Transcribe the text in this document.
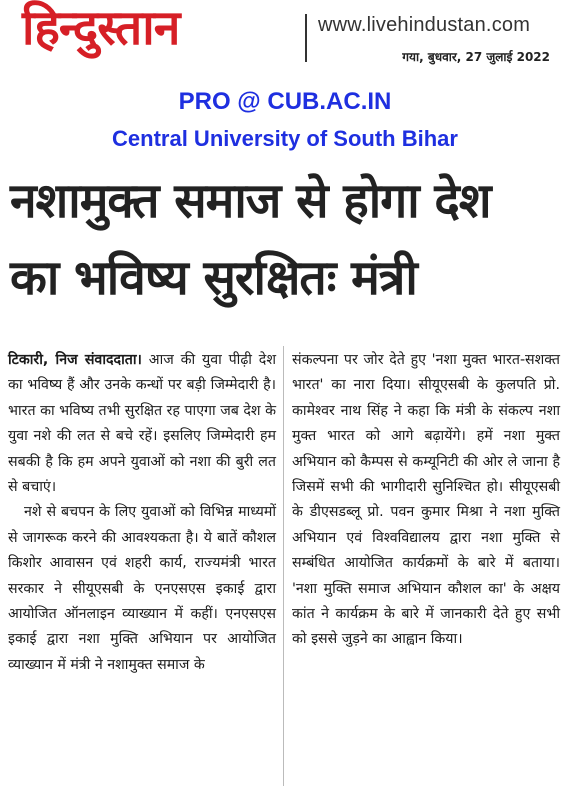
हिन्दुस्तान	www.livehindustan.com
गया, बुधवार, 27 जुलाई 2022
PRO @ CUB.AC.IN
Central University of South Bihar
नशामुक्त समाज से होगा देश
का भविष्य सुरक्षितः मंत्री

टिकारी, निज संवाददाता। आज की युवा पीढ़ी देश का भविष्य हैं और उनके कन्धों पर बड़ी जिम्मेदारी है। भारत का भविष्य तभी सुरक्षित रह पाएगा जब देश के युवा नशे की लत से बचे रहें। इसलिए जिम्मेदारी हम सबकी है कि हम अपने युवाओं को नशा की बुरी लत से बचाएं।

नशे से बचपन के लिए युवाओं को विभिन्न माध्यमों से जागरूक करने की आवश्यकता है। ये बातें कौशल किशोर आवासन एवं शहरी कार्य, राज्यमंत्री भारत सरकार ने सीयूएसबी के एनएसएस इकाई द्वारा आयोजित ऑनलाइन व्याख्यान में कहीं। एनएसएस इकाई द्वारा नशा मुक्ति अभियान पर आयोजित व्याख्यान में मंत्री ने नशामुक्त समाज के

संकल्पना पर जोर देते हुए 'नशा मुक्त भारत-सशक्त भारत' का नारा दिया। सीयूएसबी के कुलपति प्रो. कामेश्वर नाथ सिंह ने कहा कि मंत्री के संकल्प नशा मुक्त भारत को आगे बढ़ायेंगे। हमें नशा मुक्त अभियान को कैम्पस से कम्यूनिटी की ओर ले जाना है जिसमें सभी की भागीदारी सुनिश्चित हो। सीयूएसबी के डीएसडब्लू प्रो. पवन कुमार मिश्रा ने नशा मुक्ति अभियान एवं विश्वविद्यालय द्वारा नशा मुक्ति से सम्बंधित आयोजित कार्यक्रमों के बारे में बताया। 'नशा मुक्ति समाज अभियान कौशल का' के अक्षय कांत ने कार्यक्रम के बारे में जानकारी देते हुए सभी को इससे जुड़ने का आह्वान किया।
